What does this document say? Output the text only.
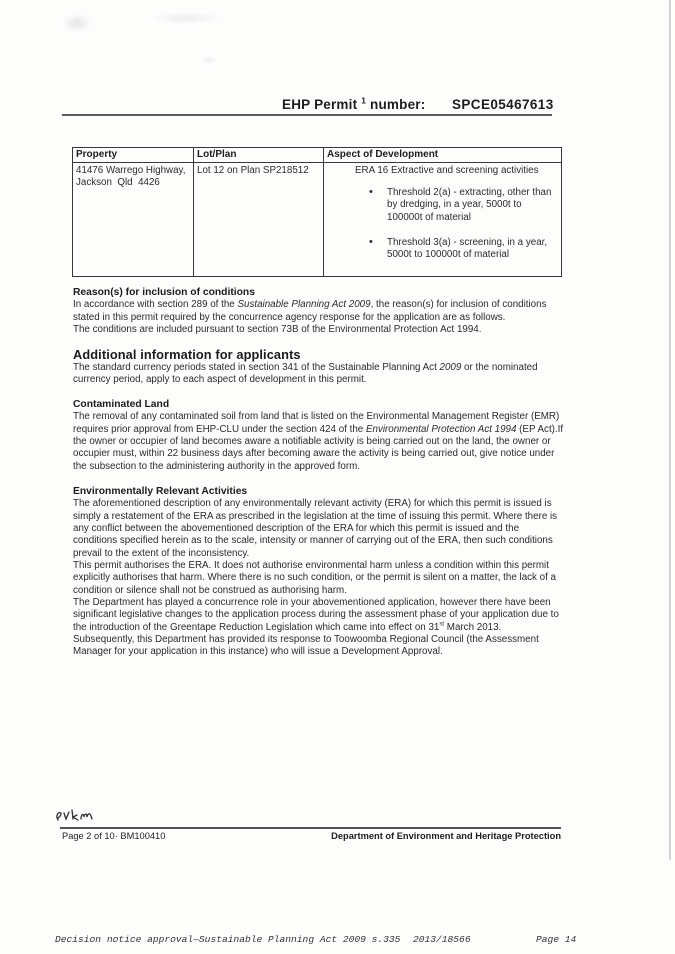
EHP Permit $^1$ number: SPCE05467613
Property	Lot/Plan	Aspect of Development
41476 Warrego Highway,
Jackson  Qld  4426	Lot 12 on Plan SP218512	ERA 16 Extractive and screening activities
• Threshold 2(a) - extracting, other than by dredging, in a year, 5000t to 100000t of material
• Threshold 3(a) - screening, in a year, 5000t to 100000t of material
Reason(s) for inclusion of conditions

In accordance with section 289 of the Sustainable Planning Act 2009, the reason(s) for inclusion of conditions stated in this permit required by the concurrence agency response for the application are as follows.

The conditions are included pursuant to section 73B of the Environmental Protection Act 1994.

Additional information for applicants

The standard currency periods stated in section 341 of the Sustainable Planning Act 2009 or the nominated currency period, apply to each aspect of development in this permit.

Contaminated Land

The removal of any contaminated soil from land that is listed on the Environmental Management Register (EMR) requires prior approval from EHP-CLU under the section 424 of the Environmental Protection Act 1994 (EP Act).If the owner or occupier of land becomes aware a notifiable activity is being carried out on the land, the owner or occupier must, within 22 business days after becoming aware the activity is being carried out, give notice under the subsection to the administering authority in the approved form.

Environmentally Relevant Activities

The aforementioned description of any environmentally relevant activity (ERA) for which this permit is issued is simply a restatement of the ERA as prescribed in the legislation at the time of issuing this permit. Where there is any conflict between the abovementioned description of the ERA for which this permit is issued and the conditions specified herein as to the scale, intensity or manner of carrying out of the ERA, then such conditions prevail to the extent of the inconsistency.

This permit authorises the ERA. It does not authorise environmental harm unless a condition within this permit explicitly authorises that harm. Where there is no such condition, or the permit is silent on a matter, the lack of a condition or silence shall not be construed as authorising harm.

The Department has played a concurrence role in your abovementioned application, however there have been significant legislative changes to the application process during the assessment phase of your application due to the introduction of the Greentape Reduction Legislation which came into effect on 31st March 2013. Subsequently, this Department has provided its response to Toowoomba Regional Council (the Assessment Manager for your application in this instance) who will issue a Development Approval.

Page 2 of 10· BM100410	Department of Environment and Heritage Protection
Decision notice approval—Sustainable Planning Act 2009 s.335 2013/18566	Page 14
